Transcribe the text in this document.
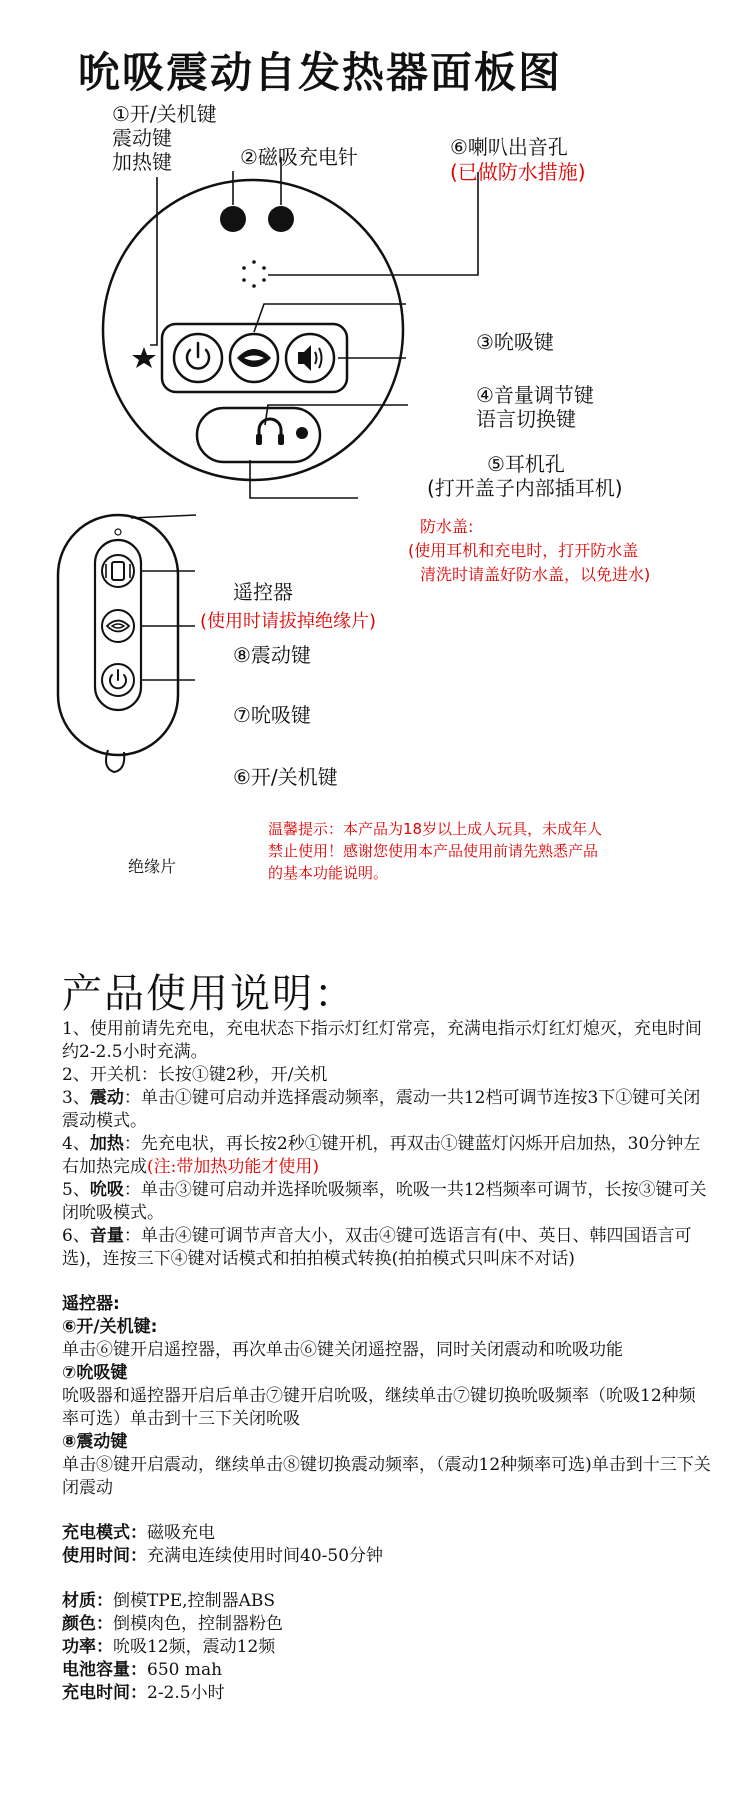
吮吸震动自发热器面板图
①开/关机键
震动键
加热键	②磁吸充电针	⑥喇叭出音孔
(已做防水措施)
③吮吸键
④音量调节键
语言切换键
⑤耳机孔
(打开盖子内部插耳机)
防水盖:
(使用耳机和充电时，打开防水盖
清洗时请盖好防水盖，以免进水)
遥控器
(使用时请拔掉绝缘片)
⑧震动键
⑦吮吸键
⑥开/关机键
绝缘片
温馨提示：本产品为18岁以上成人玩具，未成年人
禁止使用！感谢您使用本产品使用前请先熟悉产品
的基本功能说明。
产品使用说明：

1、使用前请先充电，充电状态下指示灯红灯常亮，充满电指示灯红灯熄灭，充电时间约2-2.5小时充满。

2、开关机：长按①键2秒，开/关机

3、震动：单击①键可启动并选择震动频率，震动一共12档可调节连按3下①键可关闭震动模式。

4、加热：先充电状，再长按2秒①键开机，再双击①键蓝灯闪烁开启加热，30分钟左右加热完成(注:带加热功能才使用)

5、吮吸：单击③键可启动并选择吮吸频率，吮吸一共12档频率可调节，长按③键可关闭吮吸模式。

6、音量：单击④键可调节声音大小，双击④键可选语言有(中、英日、韩四国语言可选)，连按三下④键对话模式和拍拍模式转换(拍拍模式只叫床不对话)

遥控器:

⑥开/关机键:

单击⑥键开启遥控器，再次单击⑥键关闭遥控器，同时关闭震动和吮吸功能

⑦吮吸键

吮吸器和遥控器开启后单击⑦键开启吮吸，继续单击⑦键切换吮吸频率（吮吸12种频率可选）单击到十三下关闭吮吸

⑧震动键

单击⑧键开启震动，继续单击⑧键切换震动频率，（震动12种频率可选)单击到十三下关闭震动

充电模式：磁吸充电

使用时间：充满电连续使用时间40-50分钟

材质：倒模TPE,控制器ABS

颜色：倒模肉色，控制器粉色

功率：吮吸12频，震动12频

电池容量：650 mah

充电时间：2-2.5小时
